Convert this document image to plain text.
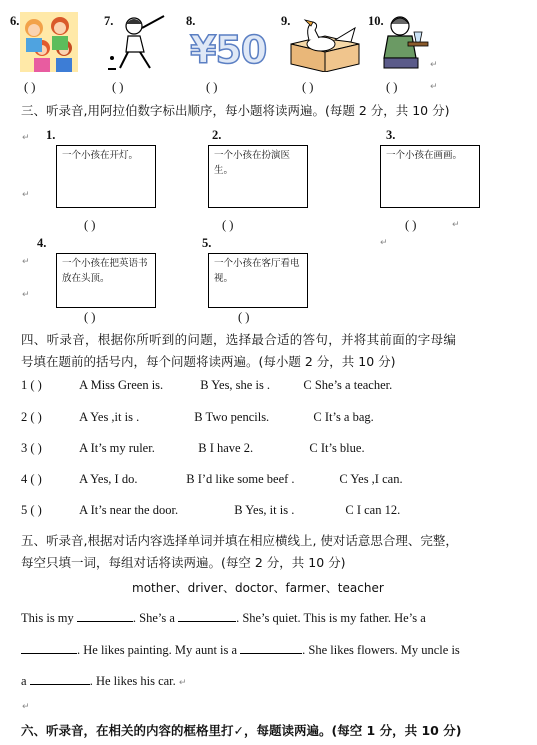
6.
( )
7.
( )
8.
¥50
( )
9.
( )
10.
↵
( )	↵
三、听录音,用阿拉伯数字标出顺序，每小题将读两遍。(每题 2 分，共 10 分)
↵ 1.
一个小孩在开灯。
( )
2.
一个小孩在扮演医生。
( )
3.
一个小孩在画画。
( )	↵
↵
4.
一个小孩在把英语书放在头顶。
( )
5.
一个小孩在客厅看电视。
( )
↵
↵
↵
四、听录音，根据你所听到的问题，选择最合适的答句，并将其前面的字母编
号填在题前的括号内，每个问题将读两遍。(每小题 2 分，共 10 分)
1 ( )	A Miss Green is.	B Yes, she is .	C She’s a teacher.
2 ( )	A Yes ,it is .	B Two pencils.	C It’s a bag.
3 ( )	A It’s my ruler.	B I have 2.	C It’s blue.
4 ( )	A Yes, I do.	B I’d like some beef .	C Yes ,I can.
5 ( )	A It’s near the door.	B Yes, it is .	C I can 12.
五、听录音,根据对话内容选择单词并填在相应横线上, 使对话意思合理、完整，
每空只填一词，每组对话将读两遍。(每空 2 分，共 10 分)
mother、driver、doctor、farmer、teacher
This is my	. She’s a	. She’s quiet. This is my father. He’s a
. He likes painting. My aunt is a	. She likes flowers. My uncle is
a	. He likes his car. ↵
↵
六、听录音，在相关的内容的框格里打✓，每题读两遍。(每空 1 分，共 10 分)
